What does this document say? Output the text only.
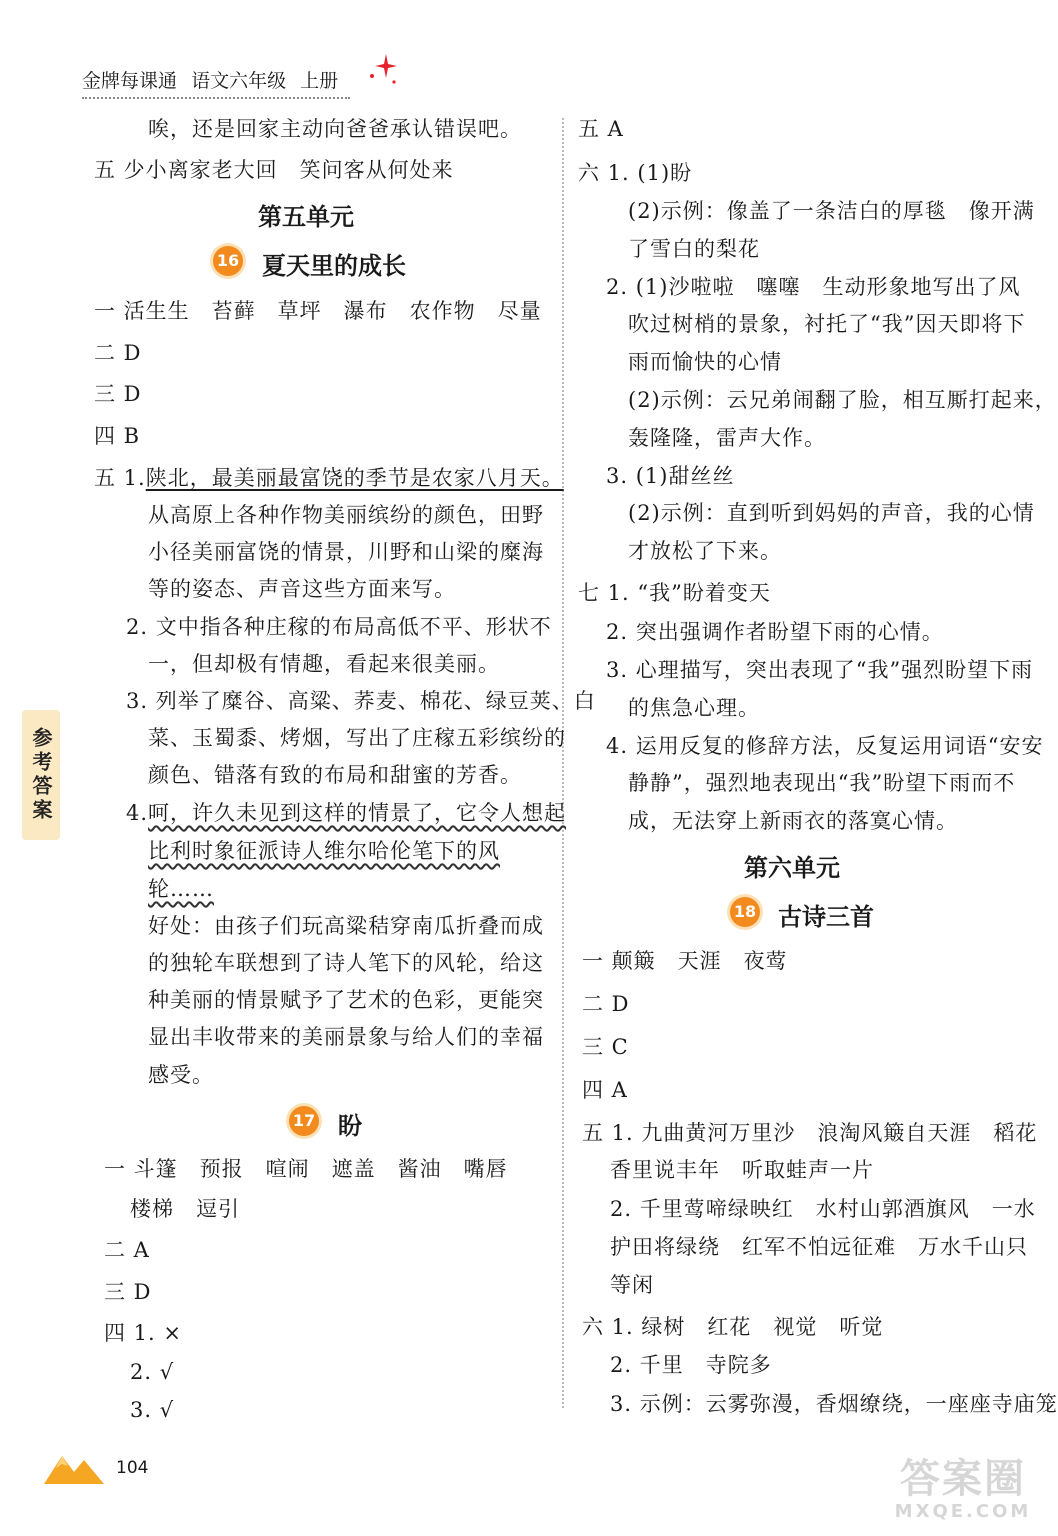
金牌每课通 语文六年级 上册
参考答案
唉，还是回家主动向爸爸承认错误吧。
五 少小离家老大回　笑问客从何处来
第五单元
16 夏天里的成长
一 活生生　苔藓　草坪　瀑布　农作物　尽量
二 D
三 D
四 B
五 1.陕北，最美丽最富饶的季节是农家八月天。
从高原上各种作物美丽缤纷的颜色，田野
小径美丽富饶的情景，川野和山梁的糜海
等的姿态、声音这些方面来写。
2. 文中指各种庄稼的布局高低不平、形状不
一，但却极有情趣，看起来很美丽。
3. 列举了糜谷、高粱、荞麦、棉花、绿豆荚、白
菜、玉蜀黍、烤烟，写出了庄稼五彩缤纷的
颜色、错落有致的布局和甜蜜的芳香。
4.呵，许久未见到这样的情景了，它令人想起
比利时象征派诗人维尔哈伦笔下的风
轮……
好处：由孩子们玩高粱秸穿南瓜折叠而成
的独轮车联想到了诗人笔下的风轮，给这
种美丽的情景赋予了艺术的色彩，更能突
显出丰收带来的美丽景象与给人们的幸福
感受。
17 盼
一 斗篷　预报　喧闹　遮盖　酱油　嘴唇
楼梯　逗引
二 A
三 D
四 1. ×
2. √
3. √
五 A
六 1. (1)盼
(2)示例：像盖了一条洁白的厚毯　像开满
了雪白的梨花
2. (1)沙啦啦　噻噻　生动形象地写出了风
吹过树梢的景象，衬托了“我”因天即将下
雨而愉快的心情
(2)示例：云兄弟闹翻了脸，相互厮打起来，
轰隆隆，雷声大作。
3. (1)甜丝丝
(2)示例：直到听到妈妈的声音，我的心情
才放松了下来。
七 1. “我”盼着变天
2. 突出强调作者盼望下雨的心情。
3. 心理描写，突出表现了“我”强烈盼望下雨
的焦急心理。
4. 运用反复的修辞方法，反复运用词语“安安
静静”，强烈地表现出“我”盼望下雨而不
成，无法穿上新雨衣的落寞心情。
第六单元
18 古诗三首
一 颠簸　天涯　夜莺
二 D
三 C
四 A
五 1. 九曲黄河万里沙　浪淘风簸自天涯　稻花
香里说丰年　听取蛙声一片
2. 千里莺啼绿映红　水村山郭酒旗风　一水
护田将绿绕　红军不怕远征难　万水千山只
等闲
六 1. 绿树　红花　视觉　听觉
2. 千里　寺院多
3. 示例：云雾弥漫，香烟缭绕，一座座寺庙笼
104	答案圈
MXQE.COM
